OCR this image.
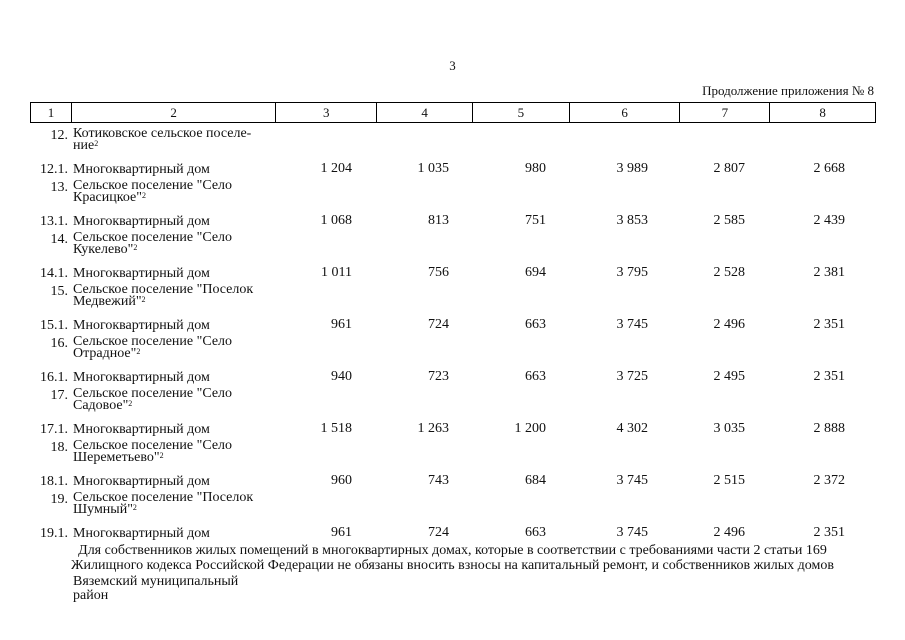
3
Продолжение приложения № 8
1	2	3	4	5	6	7	8
12. Котиковское сельское поселе-
ние$^2$
12.1. Многоквартирный дом	1 204	1 035	980	3 989	2 807	2 668
13. Сельское поселение "Село
Красицкое"$^2$
13.1. Многоквартирный дом	1 068	813	751	3 853	2 585	2 439
14. Сельское поселение "Село
Кукелево"$^2$
14.1. Многоквартирный дом	1 011	756	694	3 795	2 528	2 381
15. Сельское поселение "Поселок
Медвежий"$^2$
15.1. Многоквартирный дом	961	724	663	3 745	2 496	2 351
16. Сельское поселение "Село
Отрадное"$^2$
16.1. Многоквартирный дом	940	723	663	3 725	2 495	2 351
17. Сельское поселение "Село
Садовое"$^2$
17.1. Многоквартирный дом	1 518	1 263	1 200	4 302	3 035	2 888
18. Сельское поселение "Село
Шереметьево"$^2$
18.1. Многоквартирный дом	960	743	684	3 745	2 515	2 372
19. Сельское поселение "Поселок
Шумный"$^2$
19.1. Многоквартирный дом	961	724	663	3 745	2 496	2 351
Для собственников жилых помещений в многоквартирных домах, которые в соответствии с требованиями части 2 статьи 169
Жилищного кодекса Российской Федерации не обязаны вносить взносы на капитальный ремонт, и собственников жилых домов
Вяземский муниципальный
район
